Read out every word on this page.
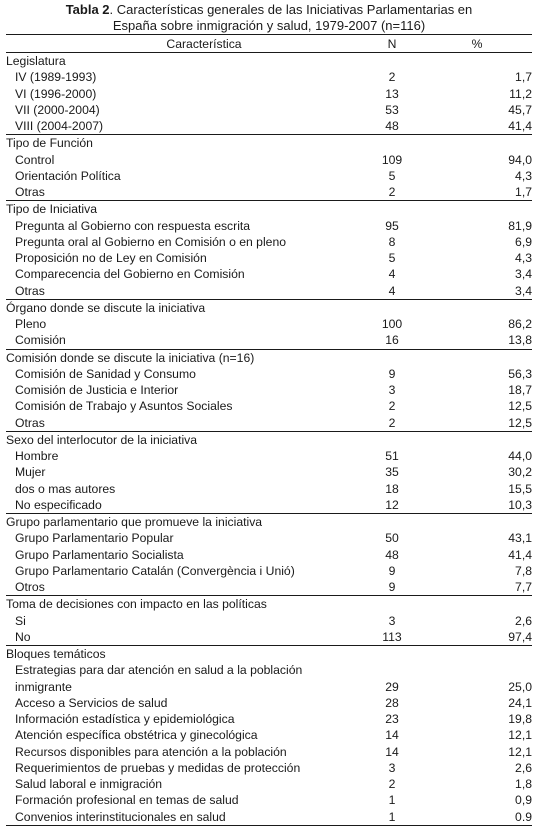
Tabla 2. Características generales de las Iniciativas Parlamentarias en
España sobre inmigración y salud, 1979-2007 (n=116)
Característica	N	%
Legislatura		
IV (1989-1993)	2	1,7
VI (1996-2000)	13	11,2
VII (2000-2004)	53	45,7
VIII (2004-2007)	48	41,4
Tipo de Función		
Control	109	94,0
Orientación Política	5	4,3
Otras	2	1,7
Tipo de Iniciativa		
Pregunta al Gobierno con respuesta escrita	95	81,9
Pregunta oral al Gobierno en Comisión o en pleno	8	6,9
Proposición no de Ley en Comisión	5	4,3
Comparecencia del Gobierno en Comisión	4	3,4
Otras	4	3,4
Órgano donde se discute la iniciativa		
Pleno	100	86,2
Comisión	16	13,8
Comisión donde se discute la iniciativa (n=16)		
Comisión de Sanidad y Consumo	9	56,3
Comisión de Justicia e Interior	3	18,7
Comisión de Trabajo y Asuntos Sociales	2	12,5
Otras	2	12,5
Sexo del interlocutor de la iniciativa		
Hombre	51	44,0
Mujer	35	30,2
dos o mas autores	18	15,5
No especificado	12	10,3
Grupo parlamentario que promueve la iniciativa		
Grupo Parlamentario Popular	50	43,1
Grupo Parlamentario Socialista	48	41,4
Grupo Parlamentario Catalán (Convergència i Unió)	9	7,8
Otros	9	7,7
Toma de decisiones con impacto en las políticas		
Si	3	2,6
No	113	97,4
Bloques temáticos		
Estrategias para dar atención en salud a la población		
inmigrante	29	25,0
Acceso a Servicios de salud	28	24,1
Información estadística y epidemiológica	23	19,8
Atención específica obstétrica y ginecológica	14	12,1
Recursos disponibles para atención a la población	14	12,1
Requerimientos de pruebas y medidas de protección	3	2,6
Salud laboral e inmigración	2	1,8
Formación profesional en temas de salud	1	0,9
Convenios interinstitucionales en salud	1	0.9
